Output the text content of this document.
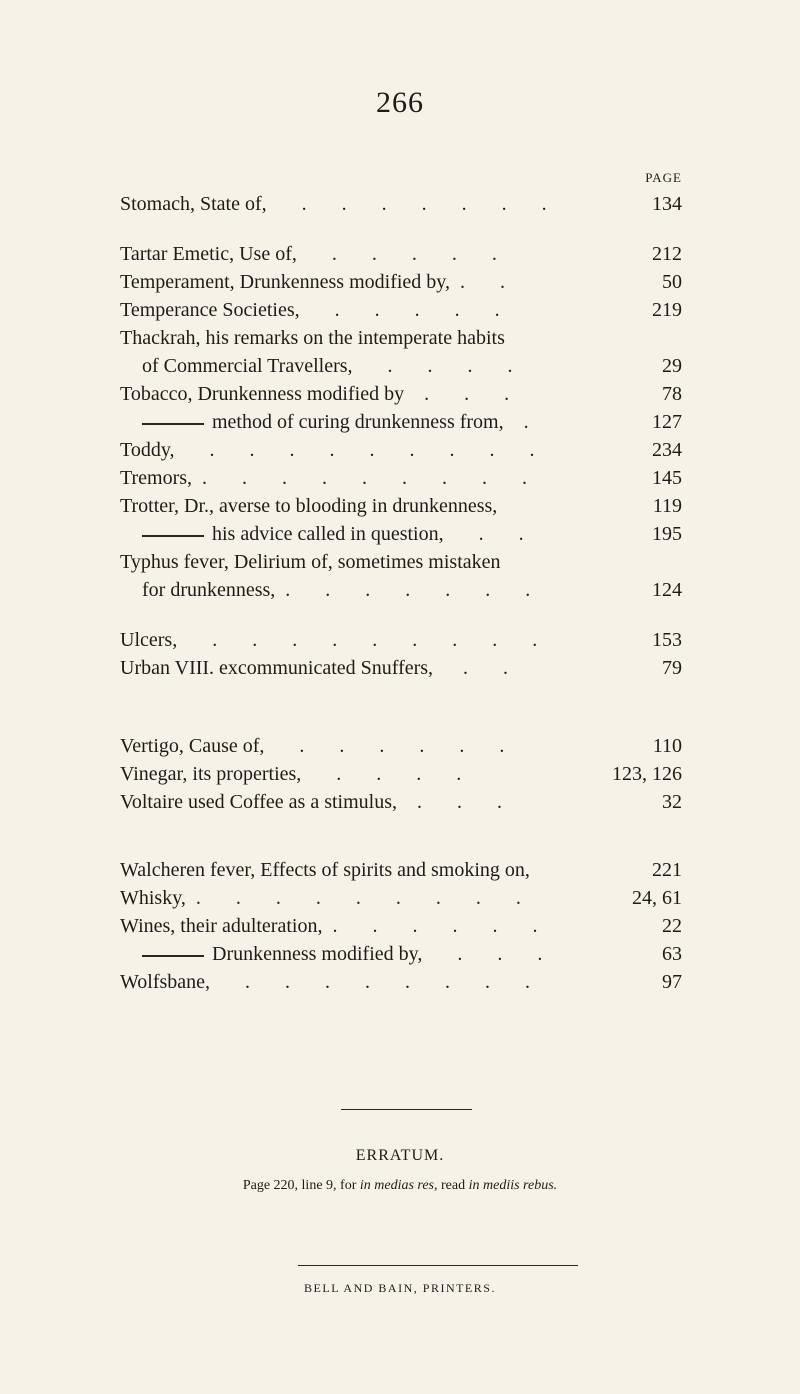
266
PAGE
Stomach, State of,       .       .       .       .       .       .       .	134
Tartar Emetic, Use of,       .       .       .       .       .	212
Temperament, Drunkenness modified by,  .       .	50
Temperance Societies,       .       .       .       .       .	219
Thackrah, his remarks on the intemperate habits
of Commercial Travellers,       .       .       .       .	29
Tobacco, Drunkenness modified by    .       .       .	78
method of curing drunkenness from,    .	127
Toddy,       .       .       .       .       .       .       .       .       .	234
Tremors,  .       .       .       .       .       .       .       .       .	145
Trotter, Dr., averse to blooding in drunkenness,	119
his advice called in question,       .       .	195
Typhus fever, Delirium of, sometimes mistaken
for drunkenness,  .       .       .       .       .       .       .	124
Ulcers,       .       .       .       .       .       .       .       .       .	153
Urban VIII. excommunicated Snuffers,      .       .	79
Vertigo, Cause of,       .       .       .       .       .       .	110
Vinegar, its properties,       .       .       .       .	123, 126
Voltaire used Coffee as a stimulus,    .       .       .	32
Walcheren fever, Effects of spirits and smoking on,	221
Whisky,  .       .       .       .       .       .       .       .       .	24, 61
Wines, their adulteration,  .       .       .       .       .       .	22
Drunkenness modified by,       .       .       .	63
Wolfsbane,       .       .       .       .       .       .       .       .	97
ERRATUM.
Page 220, line 9, for in medias res, read in mediis rebus.
BELL AND BAIN, PRINTERS.
